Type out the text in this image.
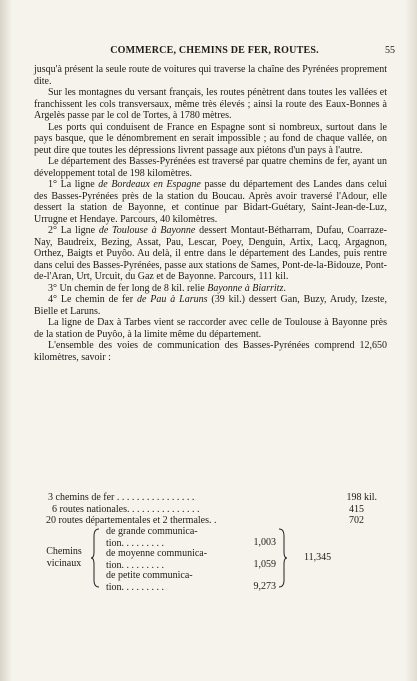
COMMERCE, CHEMINS DE FER, ROUTES.	55

jusqu'à présent la seule route de voitures qui traverse la chaîne des Pyrénées proprement dite.

Sur les montagnes du versant français, les routes pénètrent dans toutes les vallées et franchissent les cols transversaux, même très élevés ; ainsi la route des Eaux-Bonnes à Argelès passe par le col de Tortes, à 1780 mètres.

Les ports qui conduisent de France en Espagne sont si nombreux, surtout dans le pays basque, que le dénombrement en serait impossible ; au fond de chaque vallée, on peut dire que toutes les dépressions livrent passage aux piétons d'un pays à l'autre.

Le département des Basses-Pyrénées est traversé par quatre chemins de fer, ayant un développement total de 198 kilomètres.

1° La ligne de Bordeaux en Espagne passe du département des Landes dans celui des Basses-Pyrénées près de la station du Boucau. Après avoir traversé l'Adour, elle dessert la station de Bayonne, et continue par Bidart-Guétary, Saint-Jean-de-Luz, Urrugne et Hendaye. Parcours, 40 kilomètres.

2° La ligne de Toulouse à Bayonne dessert Montaut-Bétharram, Dufau, Coarraze-Nay, Baudreix, Bezing, Assat, Pau, Lescar, Poey, Denguin, Artix, Lacq, Argagnon, Orthez, Baigts et Puyôo. Au delà, il entre dans le département des Landes, puis rentre dans celui des Basses-Pyrénées, passe aux stations de Sames, Pont-de-la-Bidouze, Pont-de-l'Aran, Urt, Urcuit, du Gaz et de Bayonne. Parcours, 111 kil.

3° Un chemin de fer long de 8 kil. relie Bayonne à Biarritz.

4° Le chemin de fer de Pau à Laruns (39 kil.) dessert Gan, Buzy, Arudy, Izeste, Bielle et Laruns.

La ligne de Dax à Tarbes vient se raccorder avec celle de Toulouse à Bayonne près de la station de Puyôo, à la limite même du département.

L'ensemble des voies de communication des Basses-Pyrénées comprend 12,650 kilomètres, savoir :

3 chemins de fer . . . . . . . . . . . . . . . .	198 kil.
6 routes nationales. . . . . . . . . . . . . . .	415
20 routes départementales et 2 thermales. .	702
Chemins vicinaux
de grande communica-
tion. . . . . . . . .	1,003
de moyenne communica-
tion. . . . . . . . .	1,059
de petite communica-
tion. . . . . . . . .	9,273
11,345
